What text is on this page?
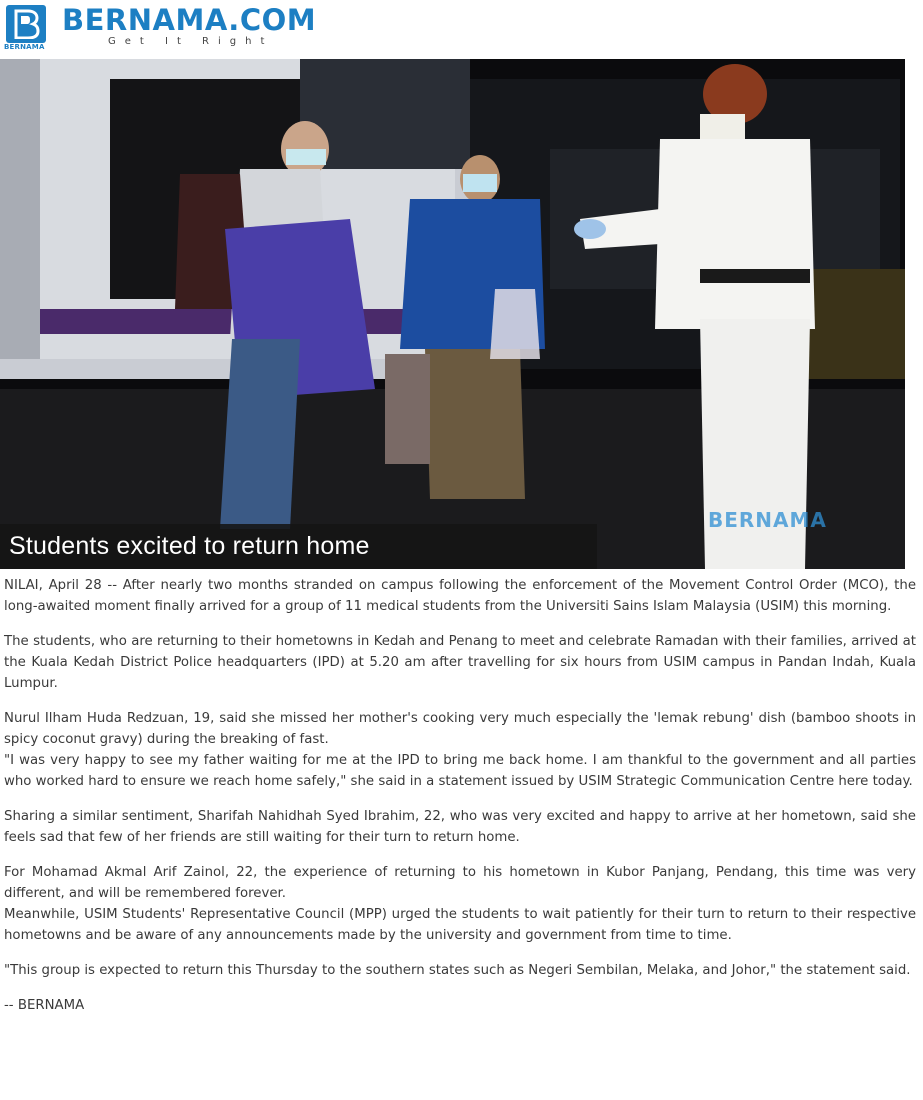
BERNAMA
BERNAMA.COM
Get It Right
Students excited to return home
BERNAMA

NILAI, April 28 -- After nearly two months stranded on campus following the enforcement of the Movement Control Order (MCO), the long-awaited moment finally arrived for a group of 11 medical students from the Universiti Sains Islam Malaysia (USIM) this morning.

The students, who are returning to their hometowns in Kedah and Penang to meet and celebrate Ramadan with their families, arrived at the Kuala Kedah District Police headquarters (IPD) at 5.20 am after travelling for six hours from USIM campus in Pandan Indah, Kuala Lumpur.

Nurul Ilham Huda Redzuan, 19, said she missed her mother's cooking very much especially the 'lemak rebung' dish (bamboo shoots in spicy coconut gravy) during the breaking of fast.

"I was very happy to see my father waiting for me at the IPD to bring me back home. I am thankful to the government and all parties who worked hard to ensure we reach home safely," she said in a statement issued by USIM Strategic Communication Centre here today.

Sharing a similar sentiment, Sharifah Nahidhah Syed Ibrahim, 22, who was very excited and happy to arrive at her hometown, said she feels sad that few of her friends are still waiting for their turn to return home.

For Mohamad Akmal Arif Zainol, 22, the experience of returning to his hometown in Kubor Panjang, Pendang, this time was very different, and will be remembered forever.

Meanwhile, USIM Students' Representative Council (MPP) urged the students to wait patiently for their turn to return to their respective hometowns and be aware of any announcements made by the university and government from time to time.

"This group is expected to return this Thursday to the southern states such as Negeri Sembilan, Melaka, and Johor," the statement said.

-- BERNAMA
